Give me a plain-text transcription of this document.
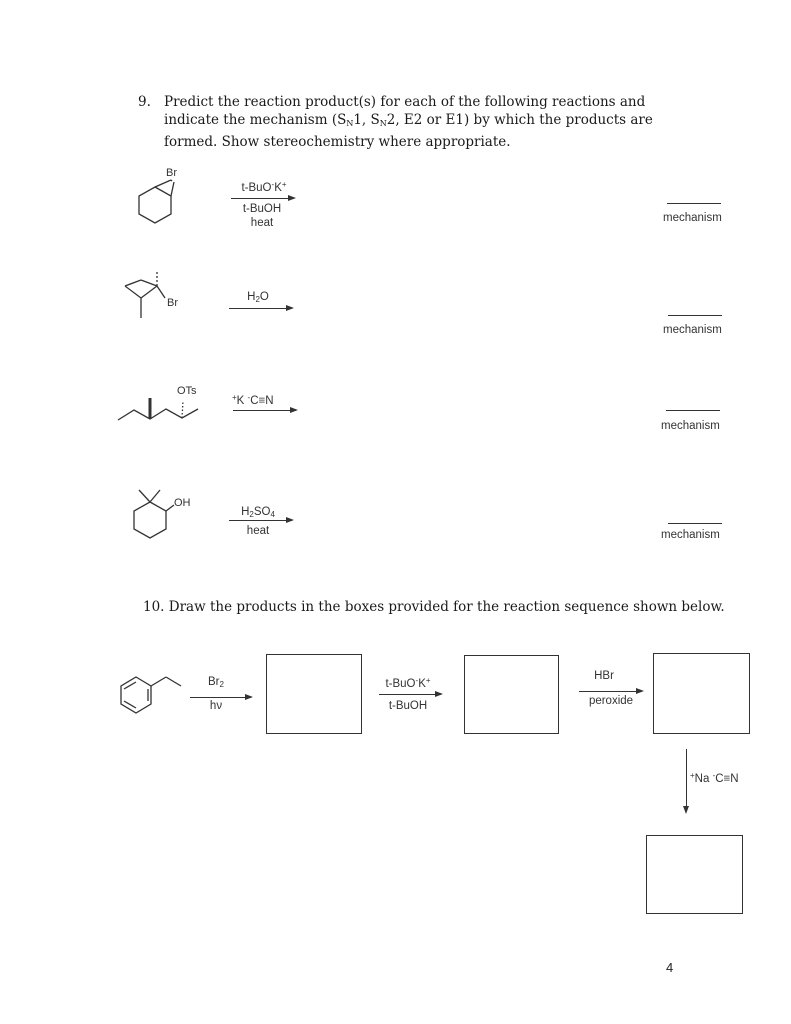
9. Predict the reaction product(s) for each of the following reactions and
indicate the mechanism ($S_N1$, $S_N2$, E2 or E1) by which the products are
formed. Show stereochemistry where appropriate.
Br
t-BuO-K+
t-BuOH
heat	mechanism
Br	$H_2O$
mechanism
OTs
+K -C≡N
mechanism
OH
$H_2SO_4$
heat	mechanism
10. Draw the products in the boxes provided for the reaction sequence shown below.
$Br_2$
hν
t-BuO-K+
t-BuOH
HBr
peroxide
+Na -C≡N
4
